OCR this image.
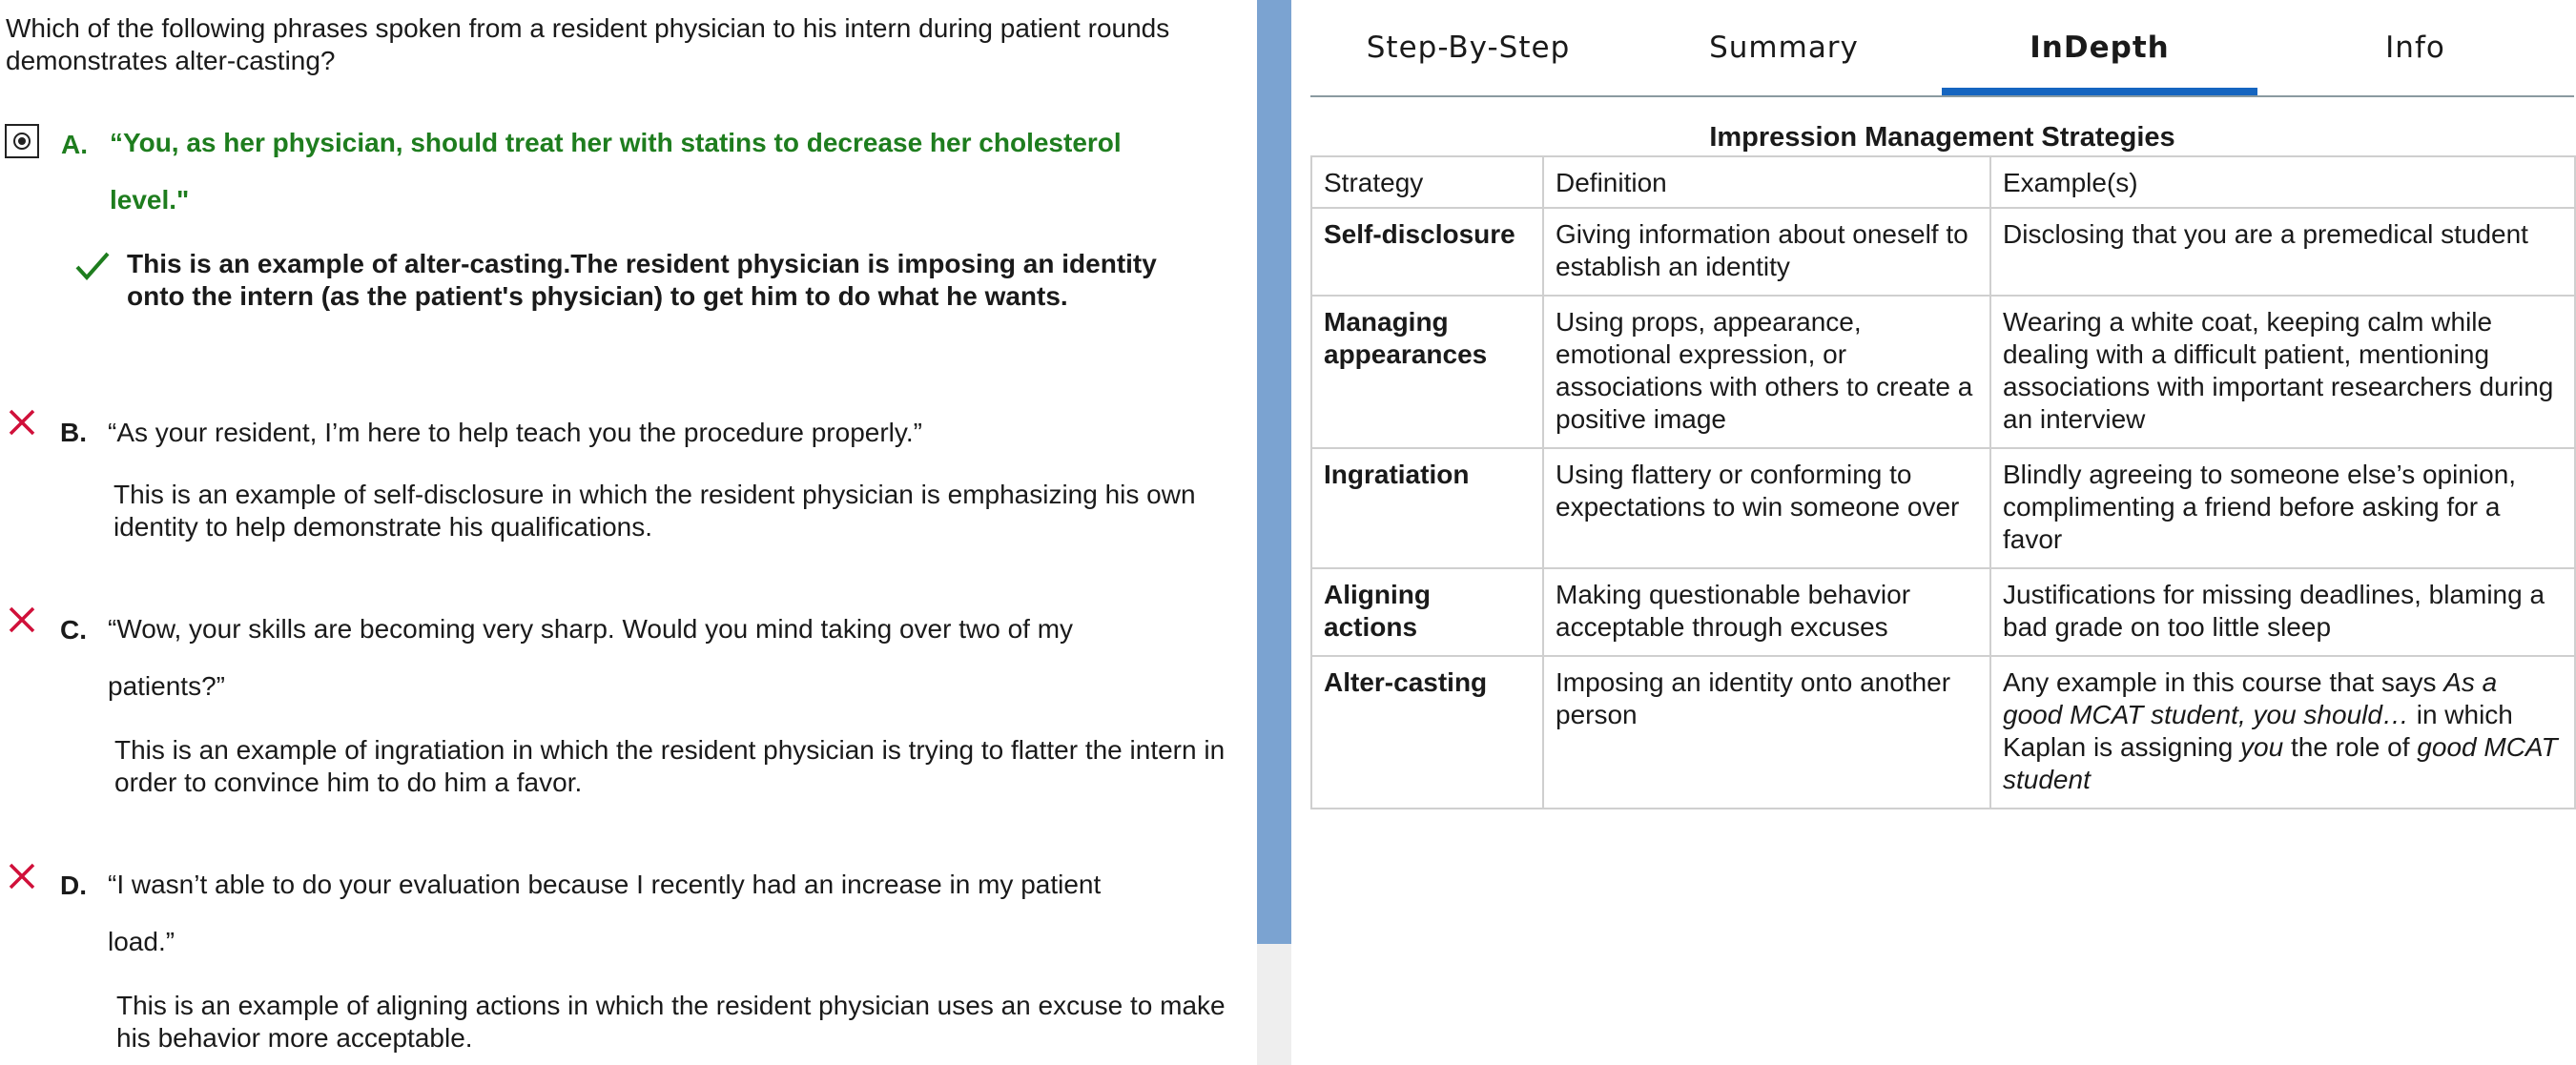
Which of the following phrases spoken from a resident physician to his intern during patient rounds demonstrates alter-casting?
A. “You, as her physician, should treat her with statins to decrease her cholesterol
level."
This is an example of alter-casting.The resident physician is imposing an identity onto the intern (as the patient's physician) to get him to do what he wants.
B. “As your resident, I’m here to help teach you the procedure properly.”
This is an example of self-disclosure in which the resident physician is emphasizing his own identity to help demonstrate his qualifications.
C. “Wow, your skills are becoming very sharp. Would you mind taking over two of my
patients?”
This is an example of ingratiation in which the resident physician is trying to flatter the intern in order to convince him to do him a favor.
D. “I wasn’t able to do your evaluation because I recently had an increase in my patient
load.”
This is an example of aligning actions in which the resident physician uses an excuse to make his behavior more acceptable.
Step-By-Step	Summary	InDepth	Info
Impression Management Strategies
Strategy	Definition	Example(s)
Self-disclosure	Giving information about oneself to establish an identity	Disclosing that you are a premedical student
Managing appearances	Using props, appearance, emotional expression, or associations with others to create a positive image	Wearing a white coat, keeping calm while dealing with a difficult patient, mentioning associations with important researchers during an interview
Ingratiation	Using flattery or conforming to expectations to win someone over	Blindly agreeing to someone else’s opinion, complimenting a friend before asking for a favor
Aligning actions	Making questionable behavior acceptable through excuses	Justifications for missing deadlines, blaming a bad grade on too little sleep
Alter-casting	Imposing an identity onto another person	Any example in this course that says As a good MCAT student, you should… in which Kaplan is assigning you the role of good MCAT student
